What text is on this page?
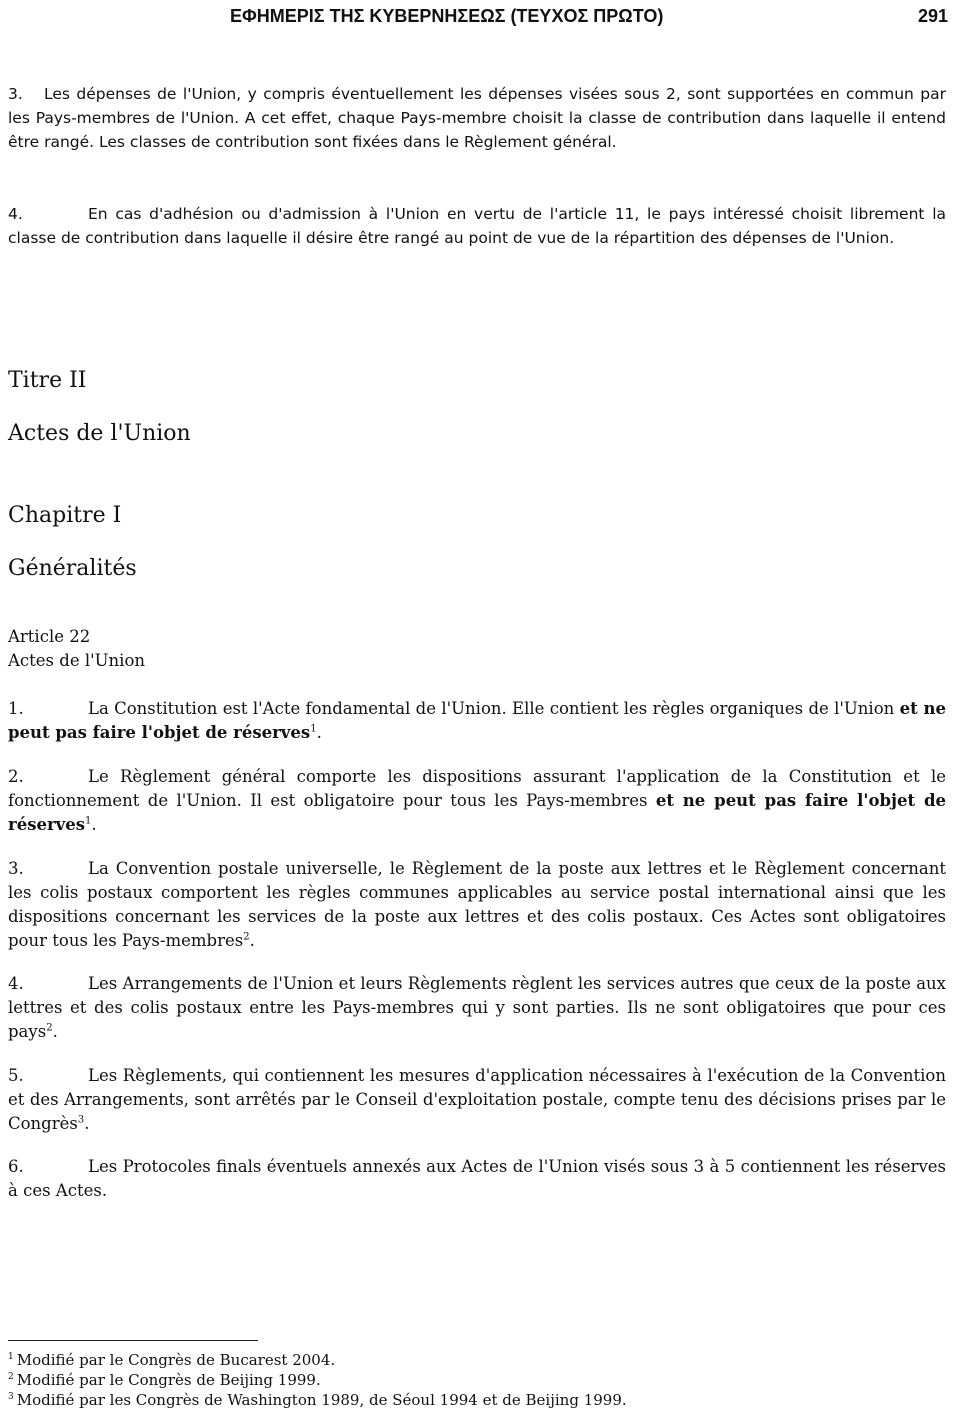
ΕΦΗΜΕΡΙΣ ΤΗΣ ΚΥΒΕΡΝΗΣΕΩΣ (ΤΕΥΧΟΣ ΠΡΩΤΟ)	291
3. Les dépenses de l'Union, y compris éventuellement les dépenses visées sous 2, sont supportées en commun par les Pays-membres de l'Union. A cet effet, chaque Pays-membre choisit la classe de contribution dans laquelle il entend être rangé. Les classes de contribution sont fixées dans le Règlement général.
4.	En cas d'adhésion ou d'admission à l'Union en vertu de l'article 11, le pays intéressé choisit librement la classe de contribution dans laquelle il désire être rangé au point de vue de la répartition des dépenses de l'Union.
Titre II
Actes de l'Union
Chapitre I
Généralités
Article 22
Actes de l'Union
1.	La Constitution est l'Acte fondamental de l'Union. Elle contient les règles organiques de l'Union et ne peut pas faire l'objet de réserves$^1$.
2.	Le Règlement général comporte les dispositions assurant l'application de la Constitution et le fonctionnement de l'Union. Il est obligatoire pour tous les Pays-membres et ne peut pas faire l'objet de réserves$^1$.
3.	La Convention postale universelle, le Règlement de la poste aux lettres et le Règlement concernant les colis postaux comportent les règles communes applicables au service postal international ainsi que les dispositions concernant les services de la poste aux lettres et des colis postaux. Ces Actes sont obligatoires pour tous les Pays-membres$^2$.
4.	Les Arrangements de l'Union et leurs Règlements règlent les services autres que ceux de la poste aux lettres et des colis postaux entre les Pays-membres qui y sont parties. Ils ne sont obligatoires que pour ces pays$^2$.
5.	Les Règlements, qui contiennent les mesures d'application nécessaires à l'exécution de la Convention et des Arrangements, sont arrêtés par le Conseil d'exploitation postale, compte tenu des décisions prises par le Congrès$^3$.
6.	Les Protocoles finals éventuels annexés aux Actes de l'Union visés sous 3 à 5 contiennent les réserves à ces Actes.
$^1$ Modifié par le Congrès de Bucarest 2004.
$^2$ Modifié par le Congrès de Beijing 1999.
$^3$ Modifié par les Congrès de Washington 1989, de Séoul 1994 et de Beijing 1999.
